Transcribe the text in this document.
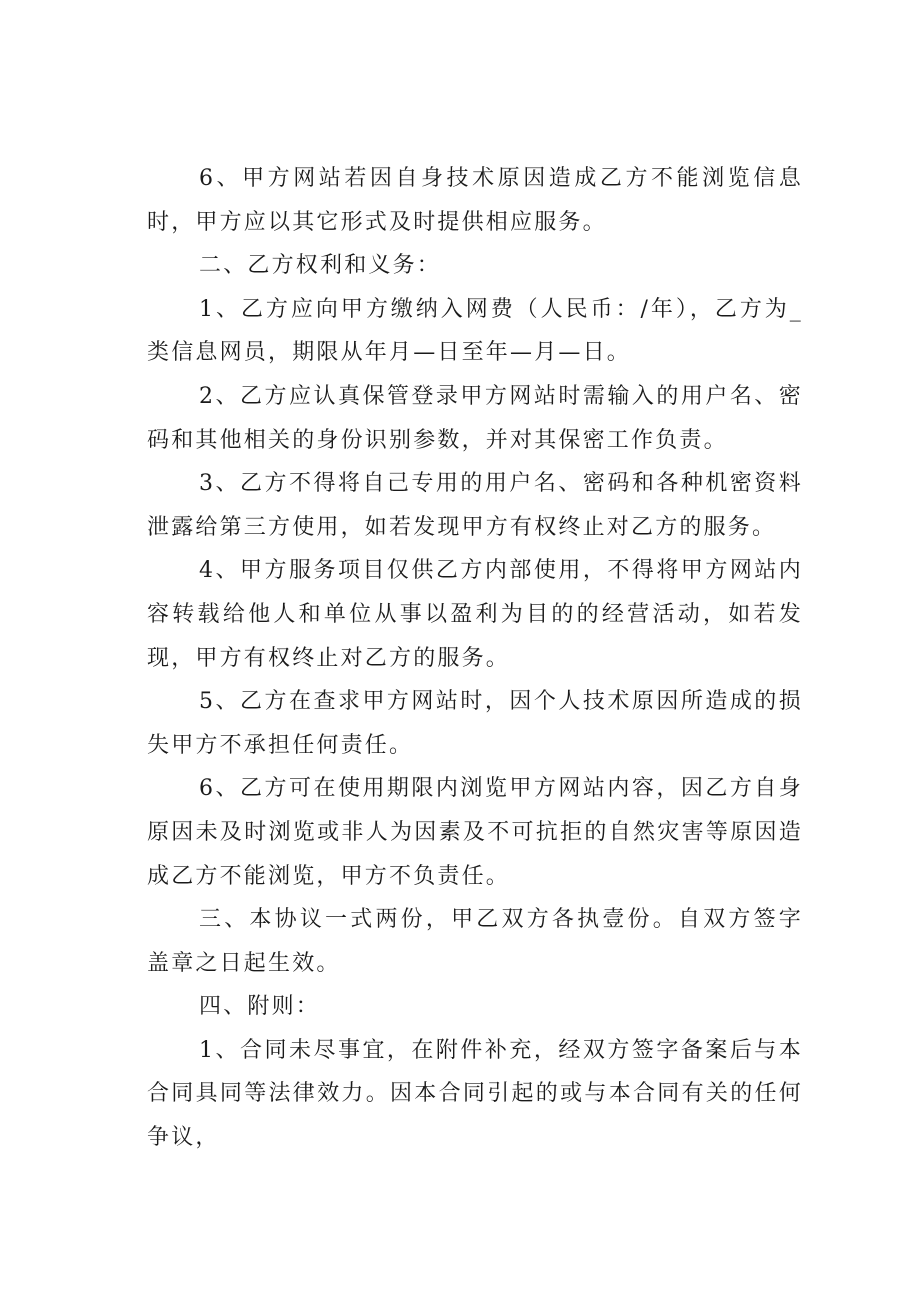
6、甲方网站若因自身技术原因造成乙方不能浏览信息时，甲方应以其它形式及时提供相应服务。

二、乙方权利和义务：

1、乙方应向甲方缴纳入网费（人民币：/年），乙方为_类信息网员，期限从年月—日至年—月—日。

2、乙方应认真保管登录甲方网站时需输入的用户名、密码和其他相关的身份识别参数，并对其保密工作负责。

3、乙方不得将自己专用的用户名、密码和各种机密资料泄露给第三方使用，如若发现甲方有权终止对乙方的服务。

4、甲方服务项目仅供乙方内部使用，不得将甲方网站内容转载给他人和单位从事以盈利为目的的经营活动，如若发现，甲方有权终止对乙方的服务。

5、乙方在查求甲方网站时，因个人技术原因所造成的损失甲方不承担任何责任。

6、乙方可在使用期限内浏览甲方网站内容，因乙方自身原因未及时浏览或非人为因素及不可抗拒的自然灾害等原因造成乙方不能浏览，甲方不负责任。

三、本协议一式两份，甲乙双方各执壹份。自双方签字盖章之日起生效。

四、附则：

1、合同未尽事宜，在附件补充，经双方签字备案后与本合同具同等法律效力。因本合同引起的或与本合同有关的任何争议，
